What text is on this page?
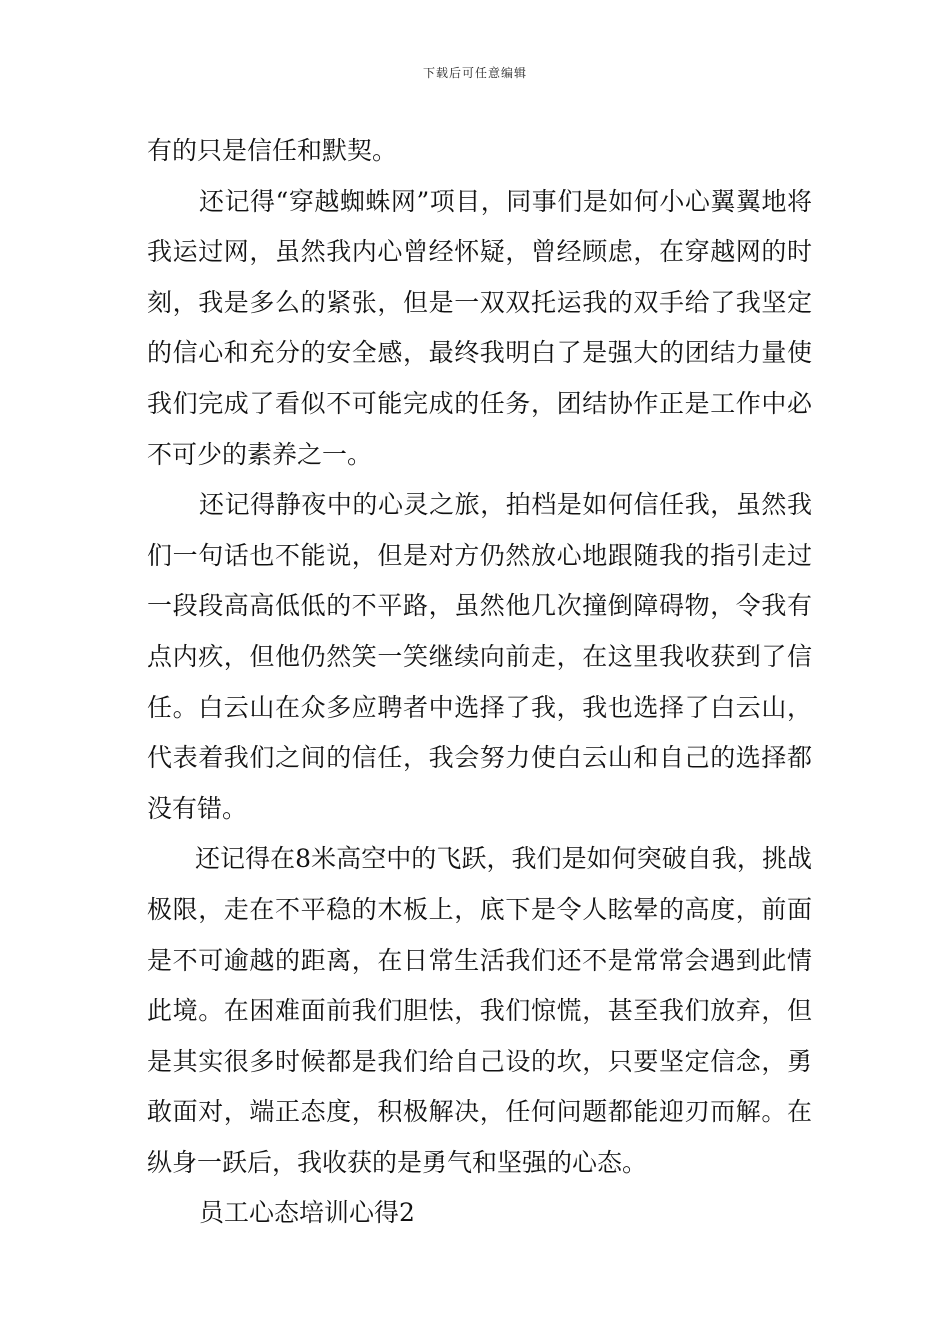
下载后可任意编辑

有的只是信任和默契。

还记得“穿越蜘蛛网”项目，同事们是如何小心翼翼地将我运过网，虽然我内心曾经怀疑，曾经顾虑，在穿越网的时刻，我是多么的紧张，但是一双双托运我的双手给了我坚定的信心和充分的安全感，最终我明白了是强大的团结力量使我们完成了看似不可能完成的任务，团结协作正是工作中必不可少的素养之一。

还记得静夜中的心灵之旅，拍档是如何信任我，虽然我们一句话也不能说，但是对方仍然放心地跟随我的指引走过一段段高高低低的不平路，虽然他几次撞倒障碍物，令我有点内疚，但他仍然笑一笑继续向前走，在这里我收获到了信任。白云山在众多应聘者中选择了我，我也选择了白云山，代表着我们之间的信任，我会努力使白云山和自己的选择都没有错。

还记得在8米高空中的飞跃，我们是如何突破自我，挑战极限，走在不平稳的木板上，底下是令人眩晕的高度，前面是不可逾越的距离，在日常生活我们还不是常常会遇到此情此境。在困难面前我们胆怯，我们惊慌，甚至我们放弃，但是其实很多时候都是我们给自己设的坎，只要坚定信念，勇敢面对，端正态度，积极解决，任何问题都能迎刃而解。在纵身一跃后，我收获的是勇气和坚强的心态。

员工心态培训心得2
